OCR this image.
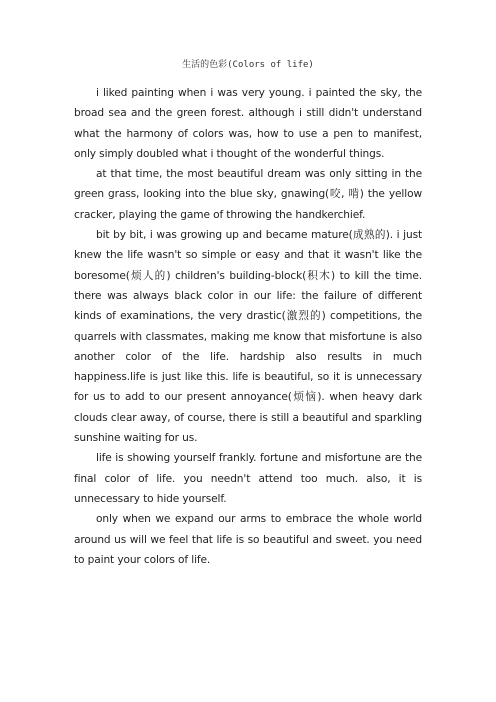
生活的色彩(Colors of life)

i liked painting when i was very young. i painted the sky, the broad sea and the green forest. although i still didn't understand what the harmony of colors was, how to use a pen to manifest, only simply doubled what i thought of the wonderful things.

at that time, the most beautiful dream was only sitting in the green grass, looking into the blue sky, gnawing(咬, 啃) the yellow cracker, playing the game of throwing the handkerchief.

bit by bit, i was growing up and became mature(成熟的). i just knew the life wasn't so simple or easy and that it wasn't like the boresome(烦人的) children's building-block(积木) to kill the time. there was always black color in our life: the failure of different kinds of examinations, the very drastic(激烈的) competitions, the quarrels with classmates, making me know that misfortune is also another color of the life. hardship also results in much happiness.life is just like this. life is beautiful, so it is unnecessary for us to add to our present annoyance(烦恼). when heavy dark clouds clear away, of course, there is still a beautiful and sparkling sunshine waiting for us.

life is showing yourself frankly. fortune and misfortune are the final color of life. you needn't attend too much. also, it is unnecessary to hide yourself.

only when we expand our arms to embrace the whole world around us will we feel that life is so beautiful and sweet. you need to paint your colors of life.
